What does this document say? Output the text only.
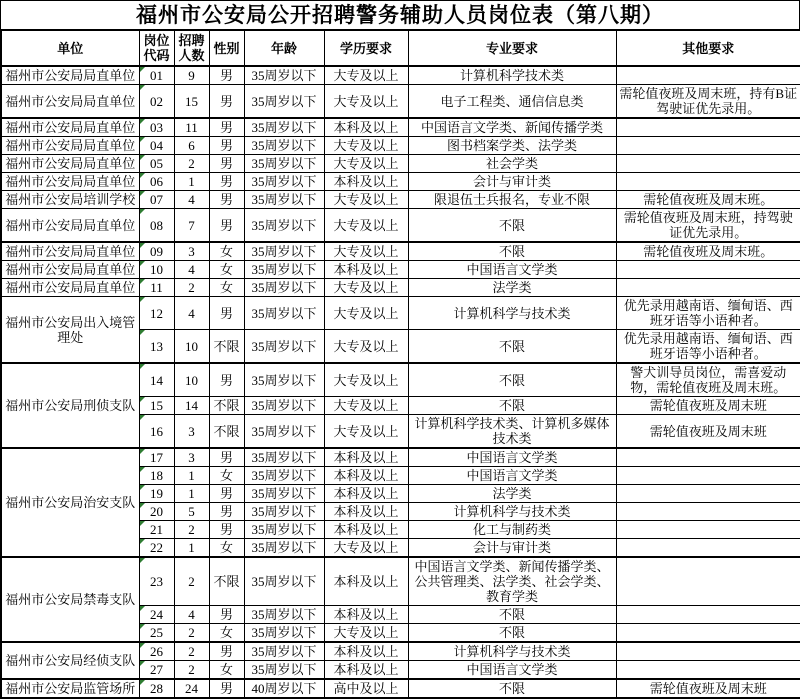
福州市公安局公开招聘警务辅助人员岗位表（第八期）
单位	岗位代码	招聘人数	性别	年龄	学历要求	专业要求	其他要求
福州市公安局局直单位	01	9	男	35周岁以下	大专及以上	计算机科学技术类	
福州市公安局局直单位	02	15	男	35周岁以下	大专及以上	电子工程类、通信信息类	需轮值夜班及周末班，持有B证驾驶证优先录用。
福州市公安局局直单位	03	11	男	35周岁以下	本科及以上	中国语言文学类、新闻传播学类	
福州市公安局局直单位	04	6	男	35周岁以下	大专及以上	图书档案学类、法学类	
福州市公安局局直单位	05	2	男	35周岁以下	大专及以上	社会学类	
福州市公安局局直单位	06	1	男	35周岁以下	本科及以上	会计与审计类	
福州市公安局培训学校	07	4	男	35周岁以下	大专及以上	限退伍士兵报名，专业不限	需轮值夜班及周末班。
福州市公安局局直单位	08	7	男	35周岁以下	大专及以上	不限	需轮值夜班及周末班，持驾驶证优先录用。
福州市公安局局直单位	09	3	女	35周岁以下	大专及以上	不限	需轮值夜班及周末班。
福州市公安局局直单位	10	4	女	35周岁以下	本科及以上	中国语言文学类	
福州市公安局局直单位	11	2	女	35周岁以下	大专及以上	法学类	
福州市公安局出入境管理处	12	4	男	35周岁以下	大专及以上	计算机科学与技术类	优先录用越南语、缅甸语、西班牙语等小语种者。

13	10	不限	35周岁以下	大专及以上	不限	优先录用越南语、缅甸语、西班牙语等小语种者。
福州市公安局刑侦支队	14	10	男	35周岁以下	大专及以上	不限	警犬训导员岗位，需喜爱动物，需轮值夜班及周末班。

15	14	不限	35周岁以下	大专及以上	不限	需轮值夜班及周末班

16	3	不限	35周岁以下	大专及以上	计算机科学技术类、计算机多媒体技术类	需轮值夜班及周末班
福州市公安局治安支队	17	3	男	35周岁以下	本科及以上	中国语言文学类	

18	1	女	35周岁以下	本科及以上	中国语言文学类	

19	1	男	35周岁以下	本科及以上	法学类	

20	5	男	35周岁以下	本科及以上	计算机科学与技术类	

21	2	男	35周岁以下	本科及以上	化工与制药类	

22	1	女	35周岁以下	大专及以上	会计与审计类	
福州市公安局禁毒支队	23	2	不限	35周岁以下	本科及以上	中国语言文学类、新闻传播学类、公共管理类、法学类、社会学类、教育学类	

24	4	男	35周岁以下	本科及以上	不限	

25	2	女	35周岁以下	大专及以上	不限	
福州市公安局经侦支队	26	2	男	35周岁以下	本科及以上	计算机科学与技术类	

27	2	女	35周岁以下	本科及以上	中国语言文学类	
福州市公安局监管场所	28	24	男	40周岁以下	高中及以上	不限	需轮值夜班及周末班
